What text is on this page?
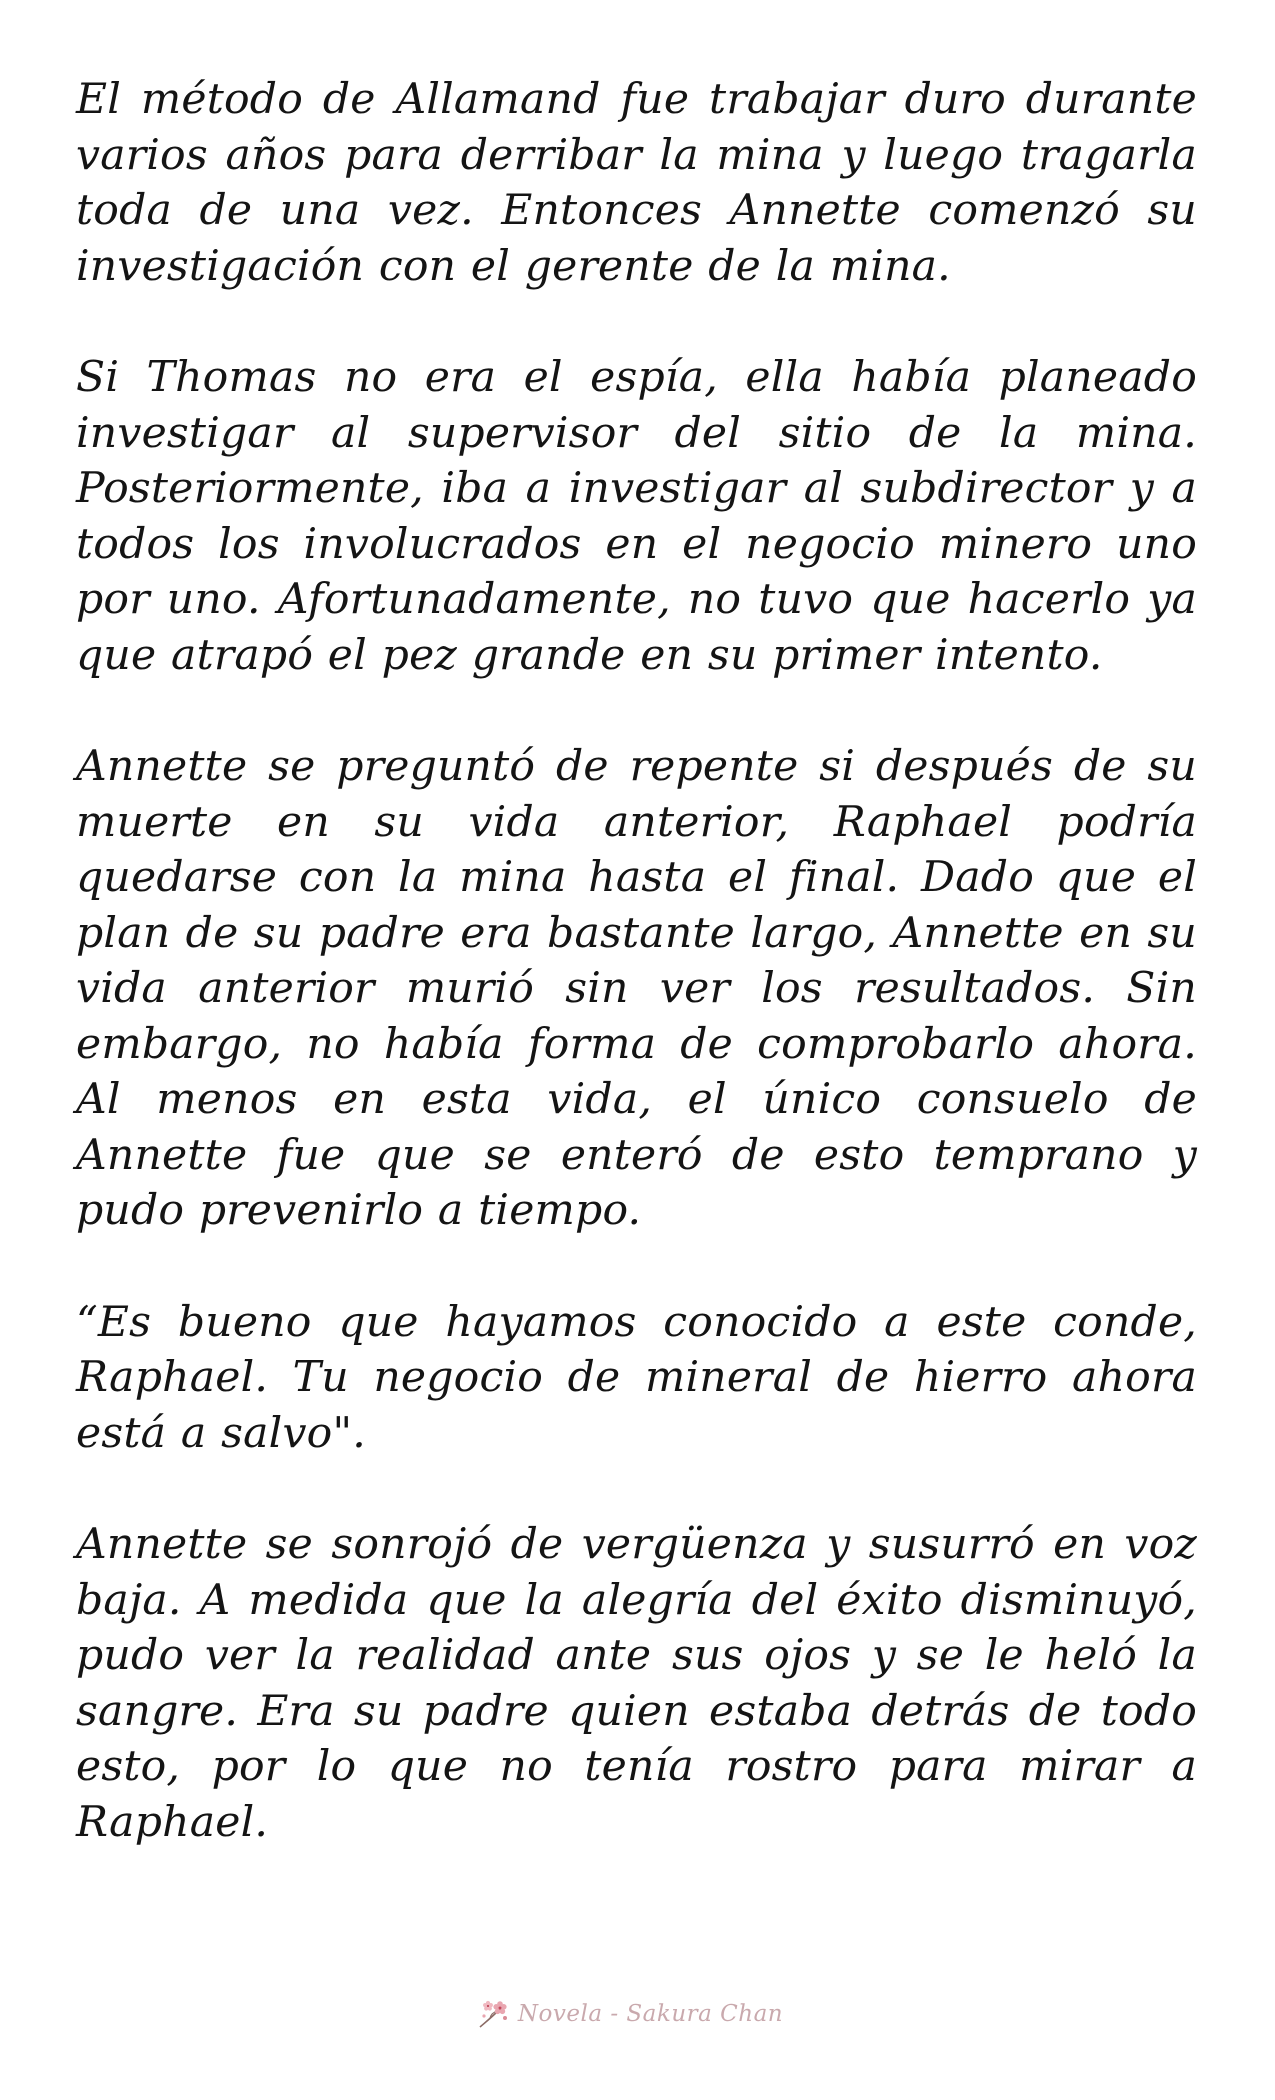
El método de Allamand fue trabajar duro durante varios años para derribar la mina y luego tragarla toda de una vez. Entonces Annette comenzó su investigación con el gerente de la mina.

Si Thomas no era el espía, ella había planeado investigar al supervisor del sitio de la mina. Posteriormente, iba a investigar al subdirector y a todos los involucrados en el negocio minero uno por uno. Afortunadamente, no tuvo que hacerlo ya que atrapó el pez grande en su primer intento.

Annette se preguntó de repente si después de su muerte en su vida anterior, Raphael podría quedarse con la mina hasta el final. Dado que el plan de su padre era bastante largo, Annette en su vida anterior murió sin ver los resultados. Sin embargo, no había forma de comprobarlo ahora. Al menos en esta vida, el único consuelo de Annette fue que se enteró de esto temprano y pudo prevenirlo a tiempo.

“Es bueno que hayamos conocido a este conde, Raphael. Tu negocio de mineral de hierro ahora está a salvo".

Annette se sonrojó de vergüenza y susurró en voz baja. A medida que la alegría del éxito disminuyó, pudo ver la realidad ante sus ojos y se le heló la sangre. Era su padre quien estaba detrás de todo esto, por lo que no tenía rostro para mirar a Raphael.

Novela - Sakura Chan
